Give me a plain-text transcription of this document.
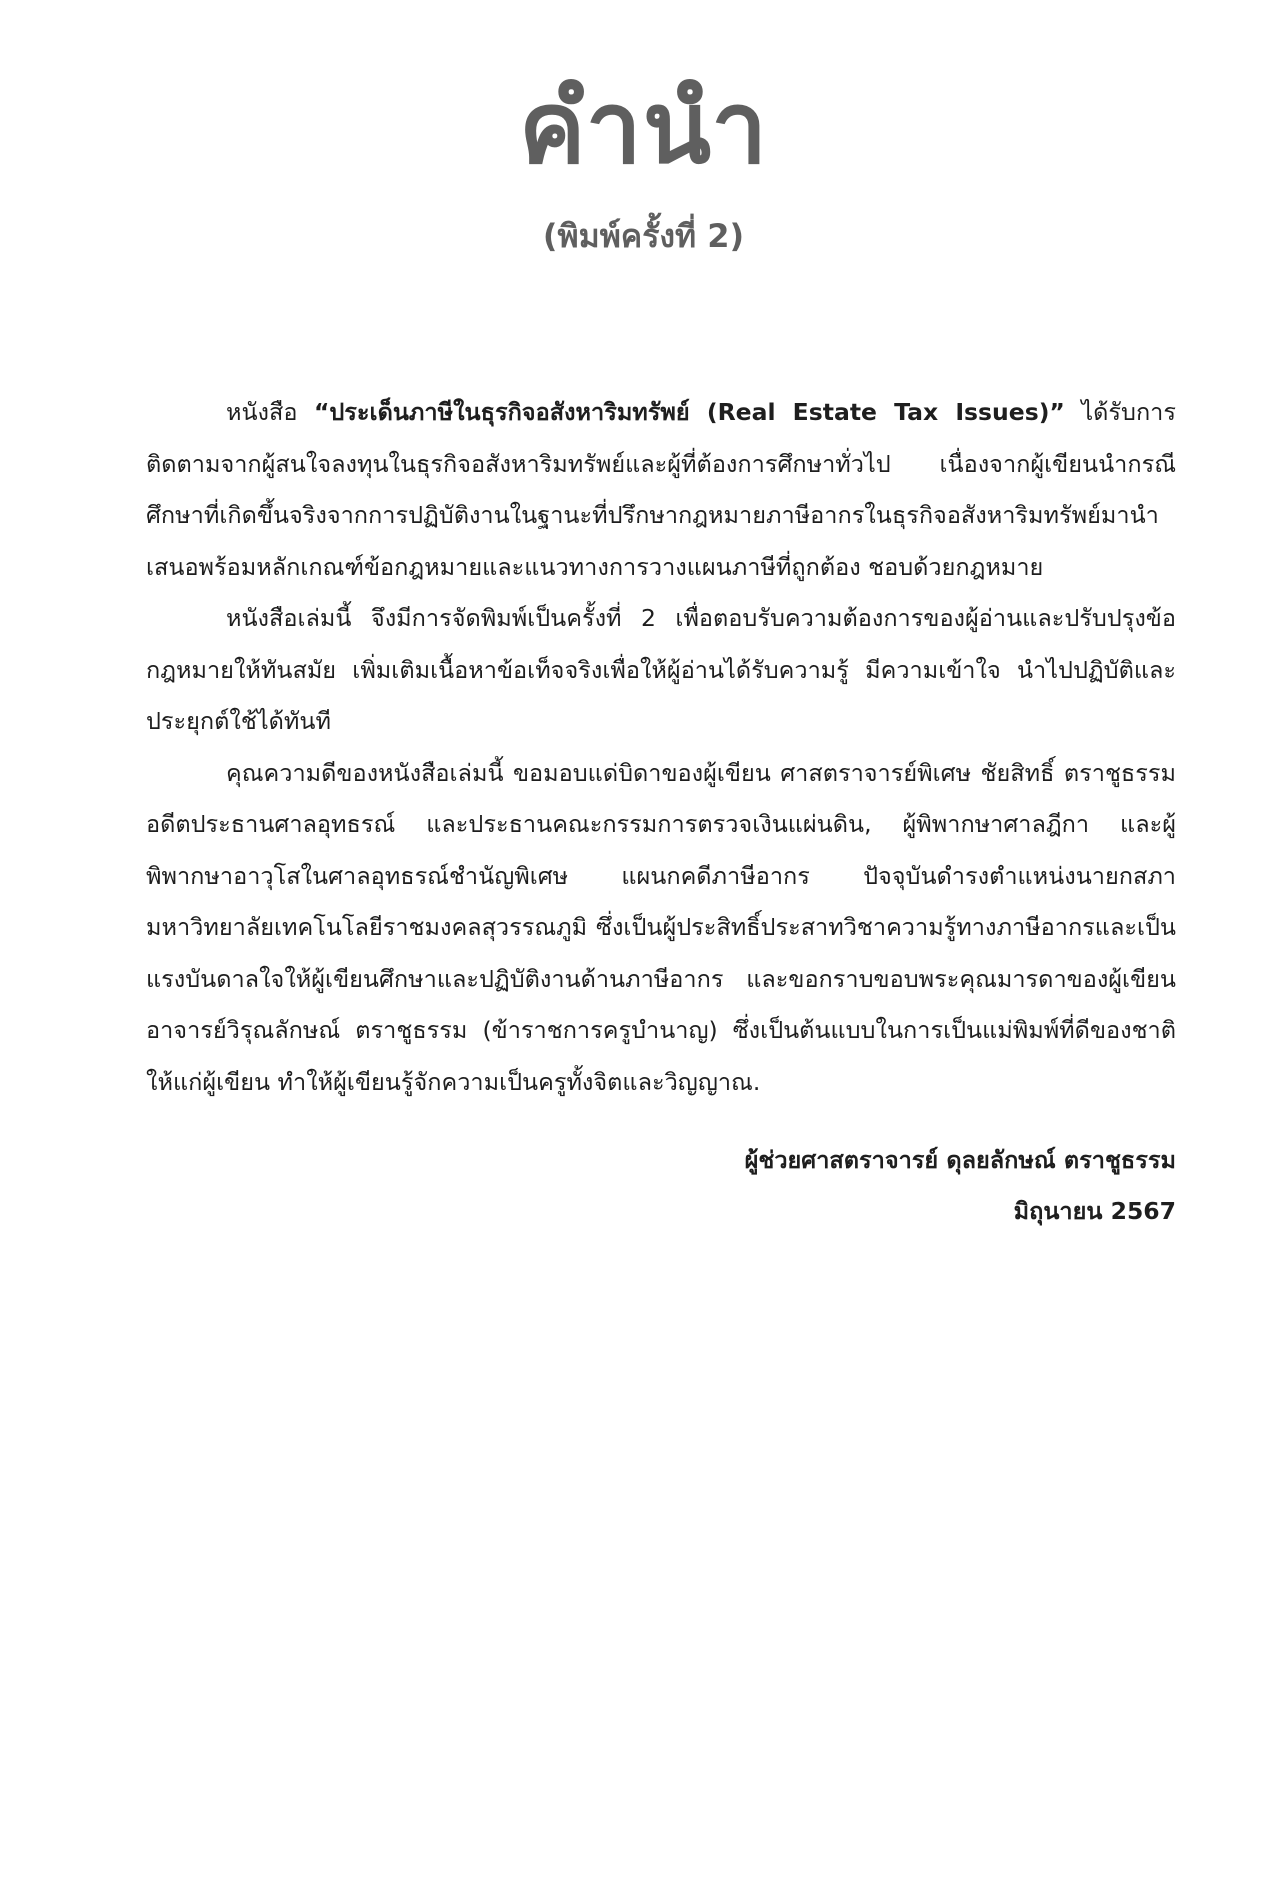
คำนำ
(พิมพ์ครั้งที่ 2)

หนังสือ “ประเด็นภาษีในธุรกิจอสังหาริมทรัพย์ (Real Estate Tax Issues)” ได้รับการติดตามจากผู้สนใจลงทุนในธุรกิจอสังหาริมทรัพย์และผู้ที่ต้องการศึกษาทั่วไป เนื่องจากผู้เขียนนำกรณีศึกษาที่เกิดขึ้นจริงจากการปฏิบัติงานในฐานะที่ปรึกษากฎหมายภาษีอากรในธุรกิจอสังหาริมทรัพย์มานำเสนอพร้อมหลักเกณฑ์ข้อกฎหมายและแนวทางการวางแผนภาษีที่ถูกต้อง ชอบด้วยกฎหมาย

หนังสือเล่มนี้ จึงมีการจัดพิมพ์เป็นครั้งที่ 2 เพื่อตอบรับความต้องการของผู้อ่านและปรับปรุงข้อกฎหมายให้ทันสมัย เพิ่มเติมเนื้อหาข้อเท็จจริงเพื่อให้ผู้อ่านได้รับความรู้ มีความเข้าใจ นำไปปฏิบัติและประยุกต์ใช้ได้ทันที

คุณความดีของหนังสือเล่มนี้ ขอมอบแด่บิดาของผู้เขียน ศาสตราจารย์พิเศษ ชัยสิทธิ์ ตราชูธรรม อดีตประธานศาลอุทธรณ์ และประธานคณะกรรมการตรวจเงินแผ่นดิน, ผู้พิพากษาศาลฎีกา และผู้พิพากษาอาวุโสในศาลอุทธรณ์ชำนัญพิเศษ แผนกคดีภาษีอากร ปัจจุบันดำรงตำแหน่งนายกสภามหาวิทยาลัยเทคโนโลยีราชมงคลสุวรรณภูมิ ซึ่งเป็นผู้ประสิทธิ์ประสาทวิชาความรู้ทางภาษีอากรและเป็นแรงบันดาลใจให้ผู้เขียนศึกษาและปฏิบัติงานด้านภาษีอากร และขอกราบขอบพระคุณมารดาของผู้เขียน อาจารย์วิรุณลักษณ์ ตราชูธรรม (ข้าราชการครูบำนาญ) ซึ่งเป็นต้นแบบในการเป็นแม่พิมพ์ที่ดีของชาติให้แก่ผู้เขียน ทำให้ผู้เขียนรู้จักความเป็นครูทั้งจิตและวิญญาณ.

ผู้ช่วยศาสตราจารย์ ดุลยลักษณ์ ตราชูธรรม
มิถุนายน 2567
